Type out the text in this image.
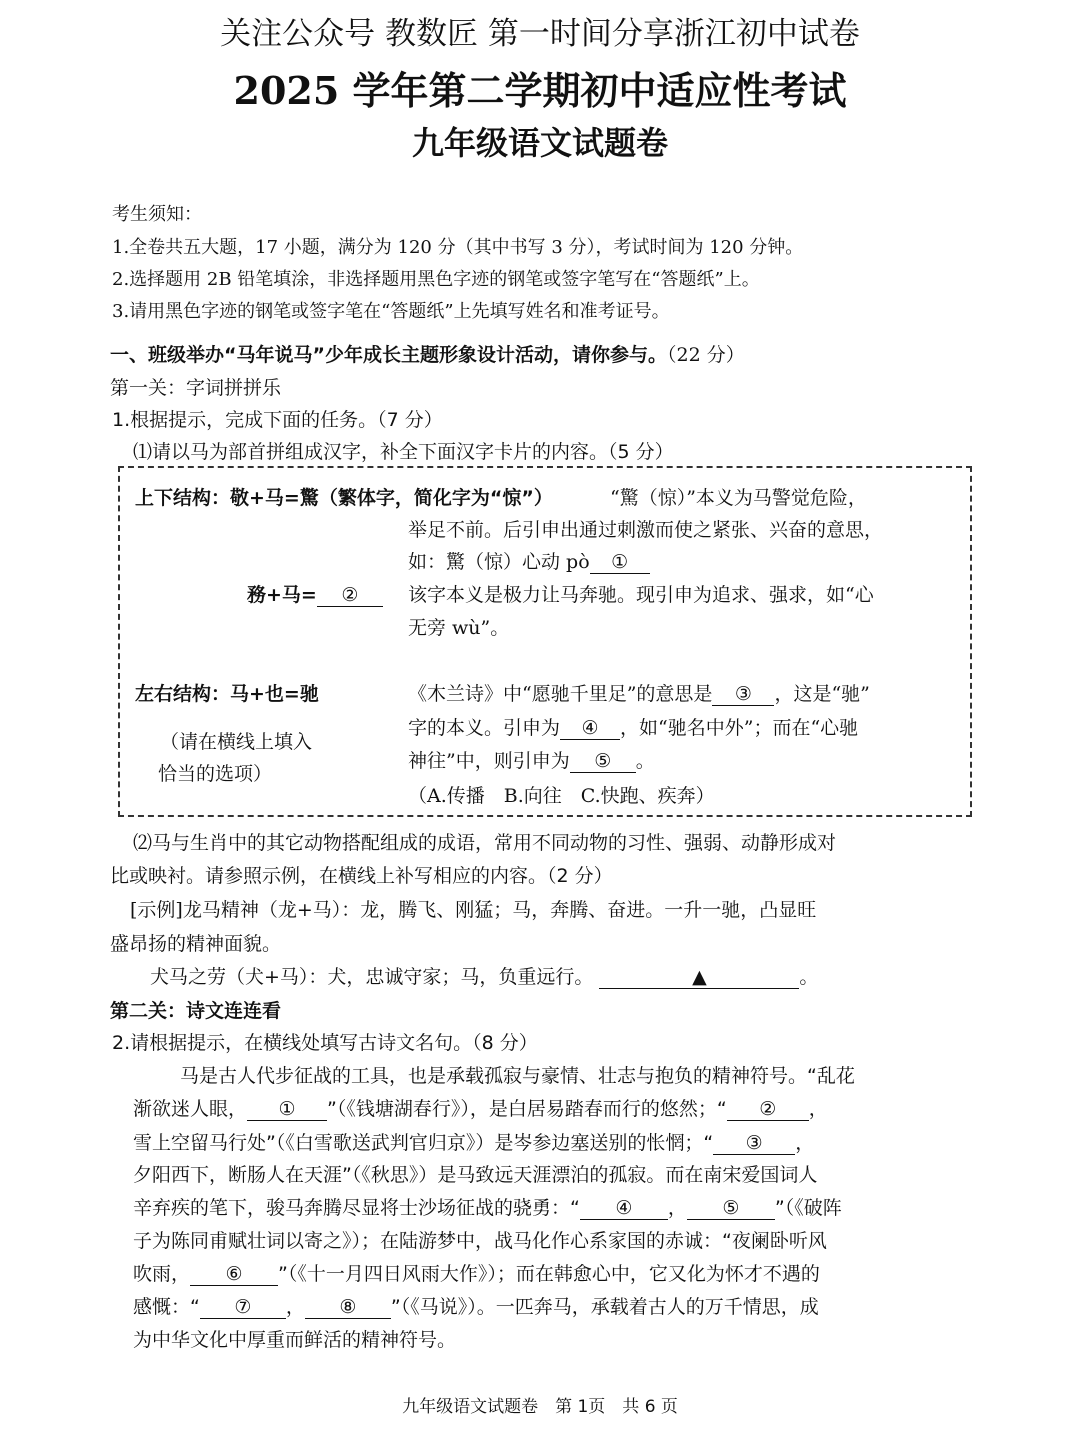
关注公众号 教数匠 第一时间分享浙江初中试卷
2025 学年第二学期初中适应性考试
九年级语文试题卷
考生须知：
1.全卷共五大题，17 小题，满分为 120 分（其中书写 3 分），考试时间为 120 分钟。
2.选择题用 2B 铅笔填涂，非选择题用黑色字迹的钢笔或签字笔写在“答题纸”上。
3.请用黑色字迹的钢笔或签字笔在“答题纸”上先填写姓名和准考证号。
一、班级举办“马年说马”少年成长主题形象设计活动，请你参与。（22 分）
第一关：字词拼拼乐
1.根据提示，完成下面的任务。（7 分）
⑴请以马为部首拼组成汉字，补全下面汉字卡片的内容。（5 分）
上下结构：敬+马=驚（繁体字，简化字为“惊”）	“驚（惊）”本义为马警觉危险，
举足不前。后引申出通过刺激而使之紧张、兴奋的意思，
如：驚（惊）心动 pò ①
務+马= ②	该字本义是极力让马奔驰。现引申为追求、强求，如“心
无旁 wù”。
左右结构：马+也=驰	《木兰诗》中“愿驰千里足”的意思是 ③ ，这是“驰”
字的本义。引申为 ④ ，如“驰名中外”；而在“心驰
神往”中，则引申为 ⑤ 。
（A.传播　B.向往　C.快跑、疾奔）
（请在横线上填入
恰当的选项）
⑵马与生肖中的其它动物搭配组成的成语，常用不同动物的习性、强弱、动静形成对
比或映衬。请参照示例，在横线上补写相应的内容。（2 分）
[示例]龙马精神（龙+马）：龙，腾飞、刚猛；马，奔腾、奋进。一升一驰，凸显旺
盛昂扬的精神面貌。
犬马之劳（犬+马）：犬，忠诚守家；马，负重远行。	▲	。
第二关：诗文连连看
2.请根据提示，在横线处填写古诗文名句。（8 分）
马是古人代步征战的工具，也是承载孤寂与豪情、壮志与抱负的精神符号。“乱花
渐欲迷人眼， ① ”（《钱塘湖春行》），是白居易踏春而行的悠然；“ ② ，
雪上空留马行处”（《白雪歌送武判官归京》）是岑参边塞送别的怅惘；“ ③ ，
夕阳西下，断肠人在天涯”（《秋思》）是马致远天涯漂泊的孤寂。而在南宋爱国词人
辛弃疾的笔下，骏马奔腾尽显将士沙场征战的骁勇：“ ④ ， ⑤ ”（《破阵
子为陈同甫赋壮词以寄之》）；在陆游梦中，战马化作心系家国的赤诚：“夜阑卧听风
吹雨， ⑥ ”（《十一月四日风雨大作》）；而在韩愈心中，它又化为怀才不遇的
感慨：“ ⑦ ， ⑧ ”（《马说》）。一匹奔马，承载着古人的万千情思，成
为中华文化中厚重而鲜活的精神符号。
九年级语文试题卷　第 1页　共 6 页
